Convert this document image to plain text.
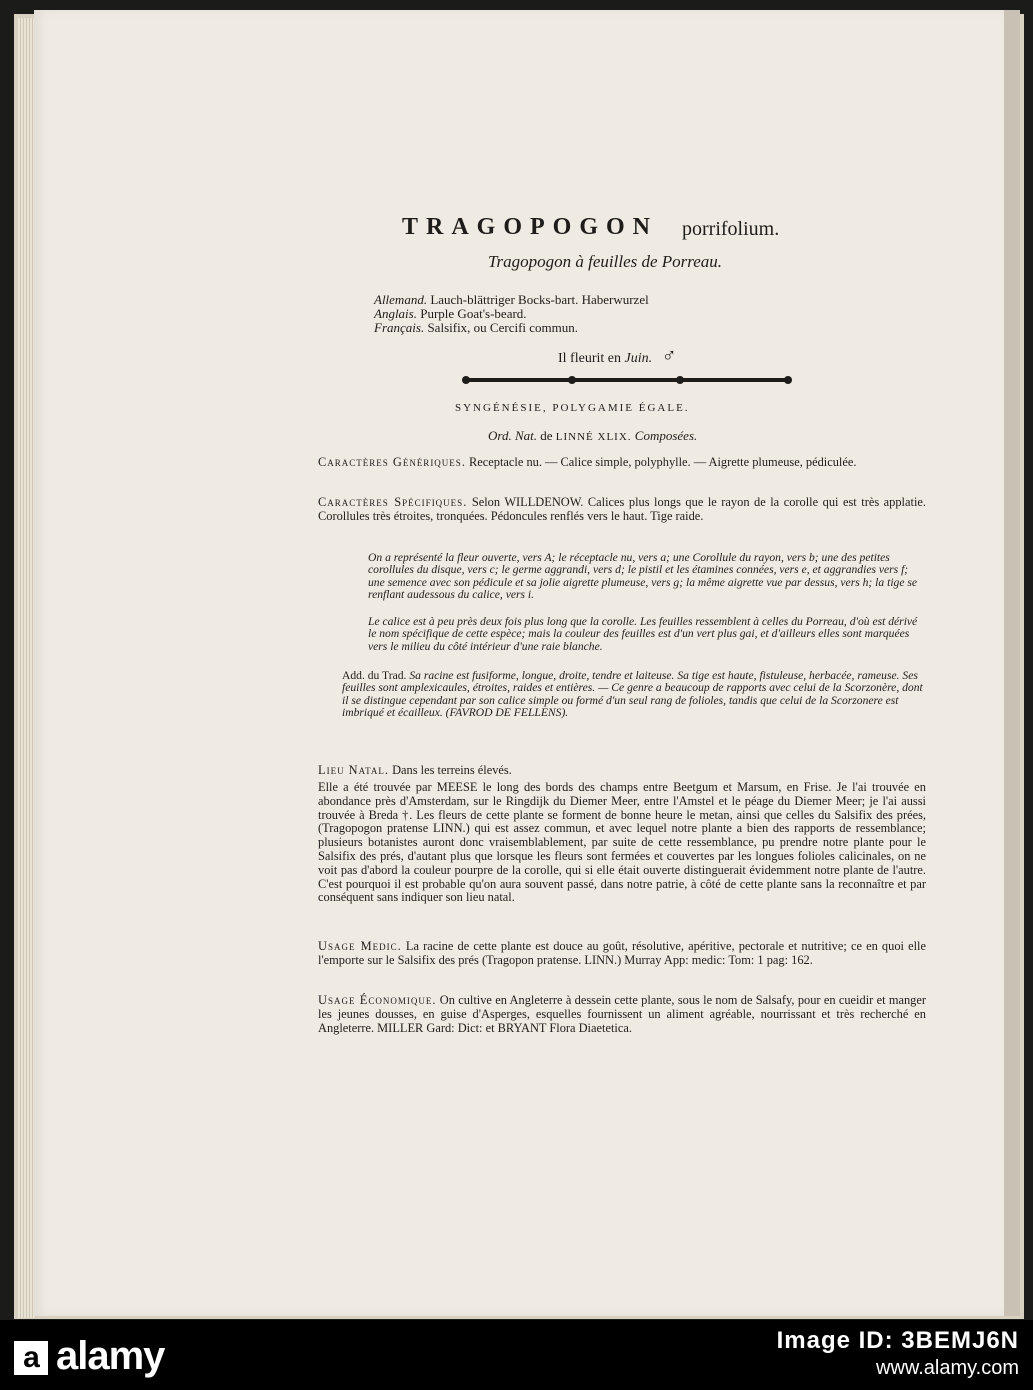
TRAGOPOGON porrifolium.
Tragopogon à feuilles de Porreau.
Allemand. Lauch-blättriger Bocks-bart. Haberwurzel
Anglais. Purple Goat's-beard.
Français. Salsifix, ou Cercifi commun.
Il fleurit en Juin. ♂
SYNGÉNÉSIE, POLYGAMIE ÉGALE.
Ord. Nat. de LINNÉ XLIX. Composées.
Caractères Génériques. Receptacle nu. — Calice simple, polyphylle. — Aigrette plumeuse, pédiculée.
Caractères Spécifiques. Selon WILLDENOW. Calices plus longs que le rayon de la corolle qui est très applatie. Corollules très étroites, tronquées. Pédoncules renflés vers le haut. Tige raide.
On a représenté la fleur ouverte, vers A; le réceptacle nu, vers a; une Corollule du rayon, vers b; une des petites corollules du disque, vers c; le germe aggrandi, vers d; le pistil et les étamines connées, vers e, et aggrandies vers f; une semence avec son pédicule et sa jolie aigrette plumeuse, vers g; la même aigrette vue par dessus, vers h; la tige se renflant audessous du calice, vers i.
Le calice est à peu près deux fois plus long que la corolle. Les feuilles ressemblent à celles du Porreau, d'où est dérivé le nom spécifique de cette espèce; mais la couleur des feuilles est d'un vert plus gai, et d'ailleurs elles sont marquées vers le milieu du côté intérieur d'une raie blanche.
Add. du Trad. Sa racine est fusiforme, longue, droite, tendre et laiteuse. Sa tige est haute, fistuleuse, herbacée, rameuse. Ses feuilles sont amplexicaules, étroites, raides et entières. — Ce genre a beaucoup de rapports avec celui de la Scorzonère, dont il se distingue cependant par son calice simple ou formé d'un seul rang de folioles, tandis que celui de la Scorzonere est imbriqué et écailleux. (FAVROD DE FELLENS).
Lieu Natal. Dans les terreins élevés.
Elle a été trouvée par MEESE le long des bords des champs entre Beetgum et Marsum, en Frise. Je l'ai trouvée en abondance près d'Amsterdam, sur le Ringdijk du Diemer Meer, entre l'Amstel et le péage du Diemer Meer; je l'ai aussi trouvée à Breda †. Les fleurs de cette plante se forment de bonne heure le metan, ainsi que celles du Salsifix des prées, (Tragopogon pratense LINN.) qui est assez commun, et avec lequel notre plante a bien des rapports de ressemblance; plusieurs botanistes auront donc vraisemblablement, par suite de cette ressemblance, pu prendre notre plante pour le Salsifix des prés, d'autant plus que lorsque les fleurs sont fermées et couvertes par les longues folioles calicinales, on ne voit pas d'abord la couleur pourpre de la corolle, qui si elle était ouverte distinguerait évidemment notre plante de l'autre. C'est pourquoi il est probable qu'on aura souvent passé, dans notre patrie, à côté de cette plante sans la reconnaître et par conséquent sans indiquer son lieu natal.
Usage Medic. La racine de cette plante est douce au goût, résolutive, apéritive, pectorale et nutritive; ce en quoi elle l'emporte sur le Salsifix des prés (Tragopon pratense. LINN.) Murray App: medic: Tom: 1 pag: 162.
Usage Économique. On cultive en Angleterre à dessein cette plante, sous le nom de Salsafy, pour en cueidir et manger les jeunes dousses, en guise d'Asperges, esquelles fournissent un aliment agréable, nourrissant et très recherché en Angleterre. MILLER Gard: Dict: et BRYANT Flora Diaetetica.
a alamy	Image ID: 3BEMJ6N
www.alamy.com
